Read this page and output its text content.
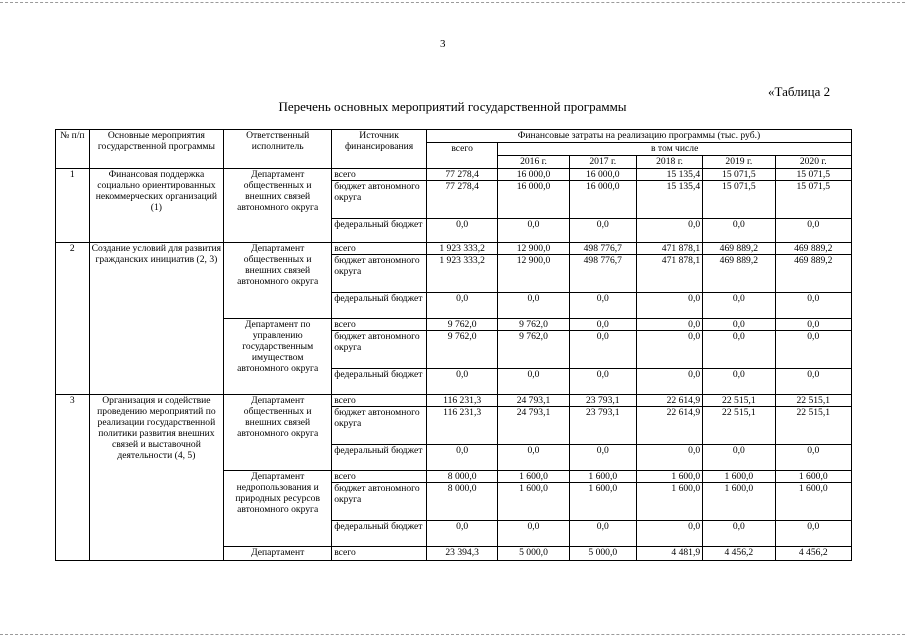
3
«Таблица 2
Перечень основных мероприятий государственной программы
№ п/п	Основные мероприятия государственной программы	Ответственный исполнитель	Источник финансирования	Финансовые затраты на реализацию программы (тыс. руб.)					
				всего	в том числе				
					2016 г.	2017 г.	2018 г.	2019 г.	2020 г.
1	Финансовая поддержка социально ориентированных некоммерческих организаций (1)	Департамент общественных и внешних связей автономного округа	всего	77 278,4	16 000,0	16 000,0	15 135,4	15 071,5	15 071,5
			бюджет автономного округа	77 278,4	16 000,0	16 000,0	15 135,4	15 071,5	15 071,5
			федеральный бюджет	0,0	0,0	0,0	0,0	0,0	0,0
2	Создание условий для развития гражданских инициатив (2, 3)	Департамент общественных и внешних связей автономного округа	всего	1 923 333,2	12 900,0	498 776,7	471 878,1	469 889,2	469 889,2
			бюджет автономного округа	1 923 333,2	12 900,0	498 776,7	471 878,1	469 889,2	469 889,2
			федеральный бюджет	0,0	0,0	0,0	0,0	0,0	0,0
		Департамент по управлению государственным имуществом автономного округа	всего	9 762,0	9 762,0	0,0	0,0	0,0	0,0
			бюджет автономного округа	9 762,0	9 762,0	0,0	0,0	0,0	0,0
			федеральный бюджет	0,0	0,0	0,0	0,0	0,0	0,0
3	Организация и содействие проведению мероприятий по реализации государственной политики развития внешних связей и выставочной деятельности (4, 5)	Департамент общественных и внешних связей автономного округа	всего	116 231,3	24 793,1	23 793,1	22 614,9	22 515,1	22 515,1
			бюджет автономного округа	116 231,3	24 793,1	23 793,1	22 614,9	22 515,1	22 515,1
			федеральный бюджет	0,0	0,0	0,0	0,0	0,0	0,0
		Департамент недропользования и природных ресурсов автономного округа	всего	8 000,0	1 600,0	1 600,0	1 600,0	1 600,0	1 600,0
			бюджет автономного округа	8 000,0	1 600,0	1 600,0	1 600,0	1 600,0	1 600,0
			федеральный бюджет	0,0	0,0	0,0	0,0	0,0	0,0
		Департамент	всего	23 394,3	5 000,0	5 000,0	4 481,9	4 456,2	4 456,2
